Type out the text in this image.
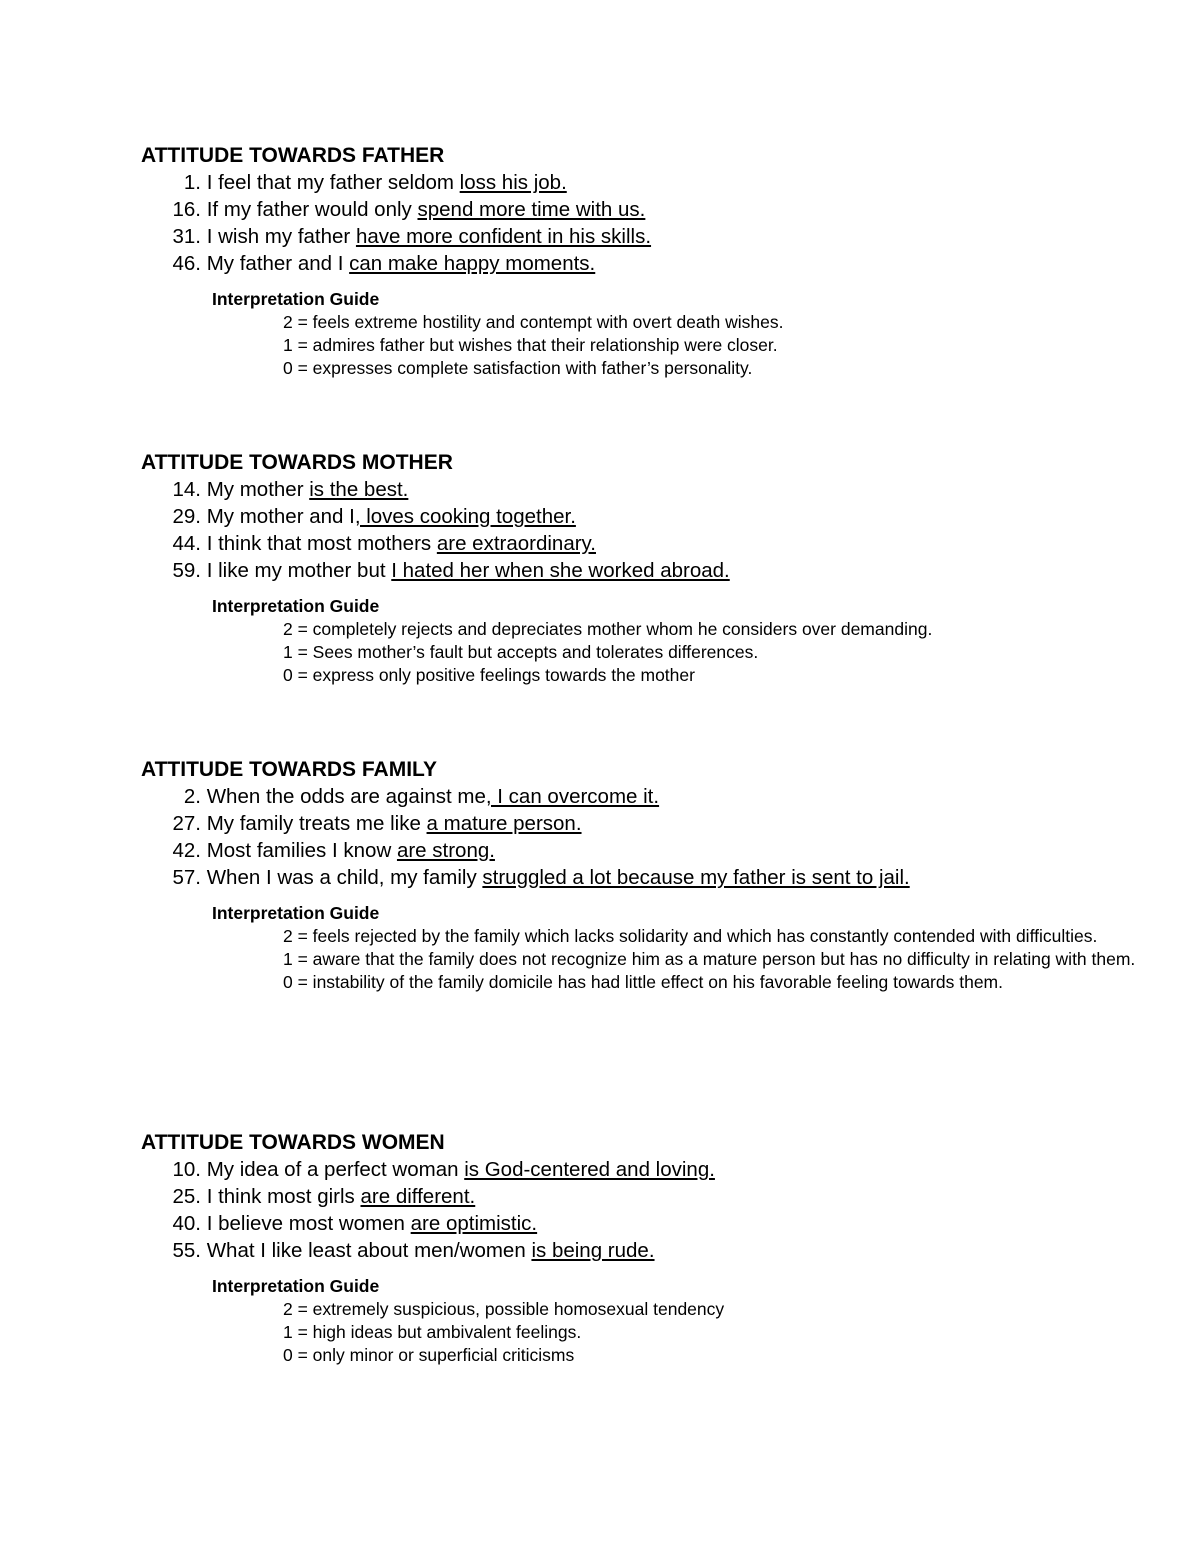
ATTITUDE TOWARDS FATHER
1. I feel that my father seldom loss his job.
16. If my father would only spend more time with us.
31. I wish my father have more confident in his skills.
46. My father and I can make happy moments.
Interpretation Guide
2 = feels extreme hostility and contempt with overt death wishes.
1 = admires father but wishes that their relationship were closer.
0 = expresses complete satisfaction with father’s personality.
ATTITUDE TOWARDS MOTHER
14. My mother is the best.
29. My mother and I, loves cooking together.
44. I think that most mothers are extraordinary.
59. I like my mother but I hated her when she worked abroad.
Interpretation Guide
2 = completely rejects and depreciates mother whom he considers over demanding.
1 = Sees mother’s fault but accepts and tolerates differences.
0 = express only positive feelings towards the mother
ATTITUDE TOWARDS FAMILY
2. When the odds are against me, I can overcome it.
27. My family treats me like a mature person.
42. Most families I know are strong.
57. When I was a child, my family struggled a lot because my father is sent to jail.
Interpretation Guide
2 = feels rejected by the family which lacks solidarity and which has constantly contended with difficulties.
1 = aware that the family does not recognize him as a mature person but has no difficulty in relating with them.
0 = instability of the family domicile has had little effect on his favorable feeling towards them.
ATTITUDE TOWARDS WOMEN
10. My idea of a perfect woman is God-centered and loving.
25. I think most girls are different.
40. I believe most women are optimistic.
55. What I like least about men/women is being rude.
Interpretation Guide
2 = extremely suspicious, possible homosexual tendency
1 = high ideas but ambivalent feelings.
0 = only minor or superficial criticisms
